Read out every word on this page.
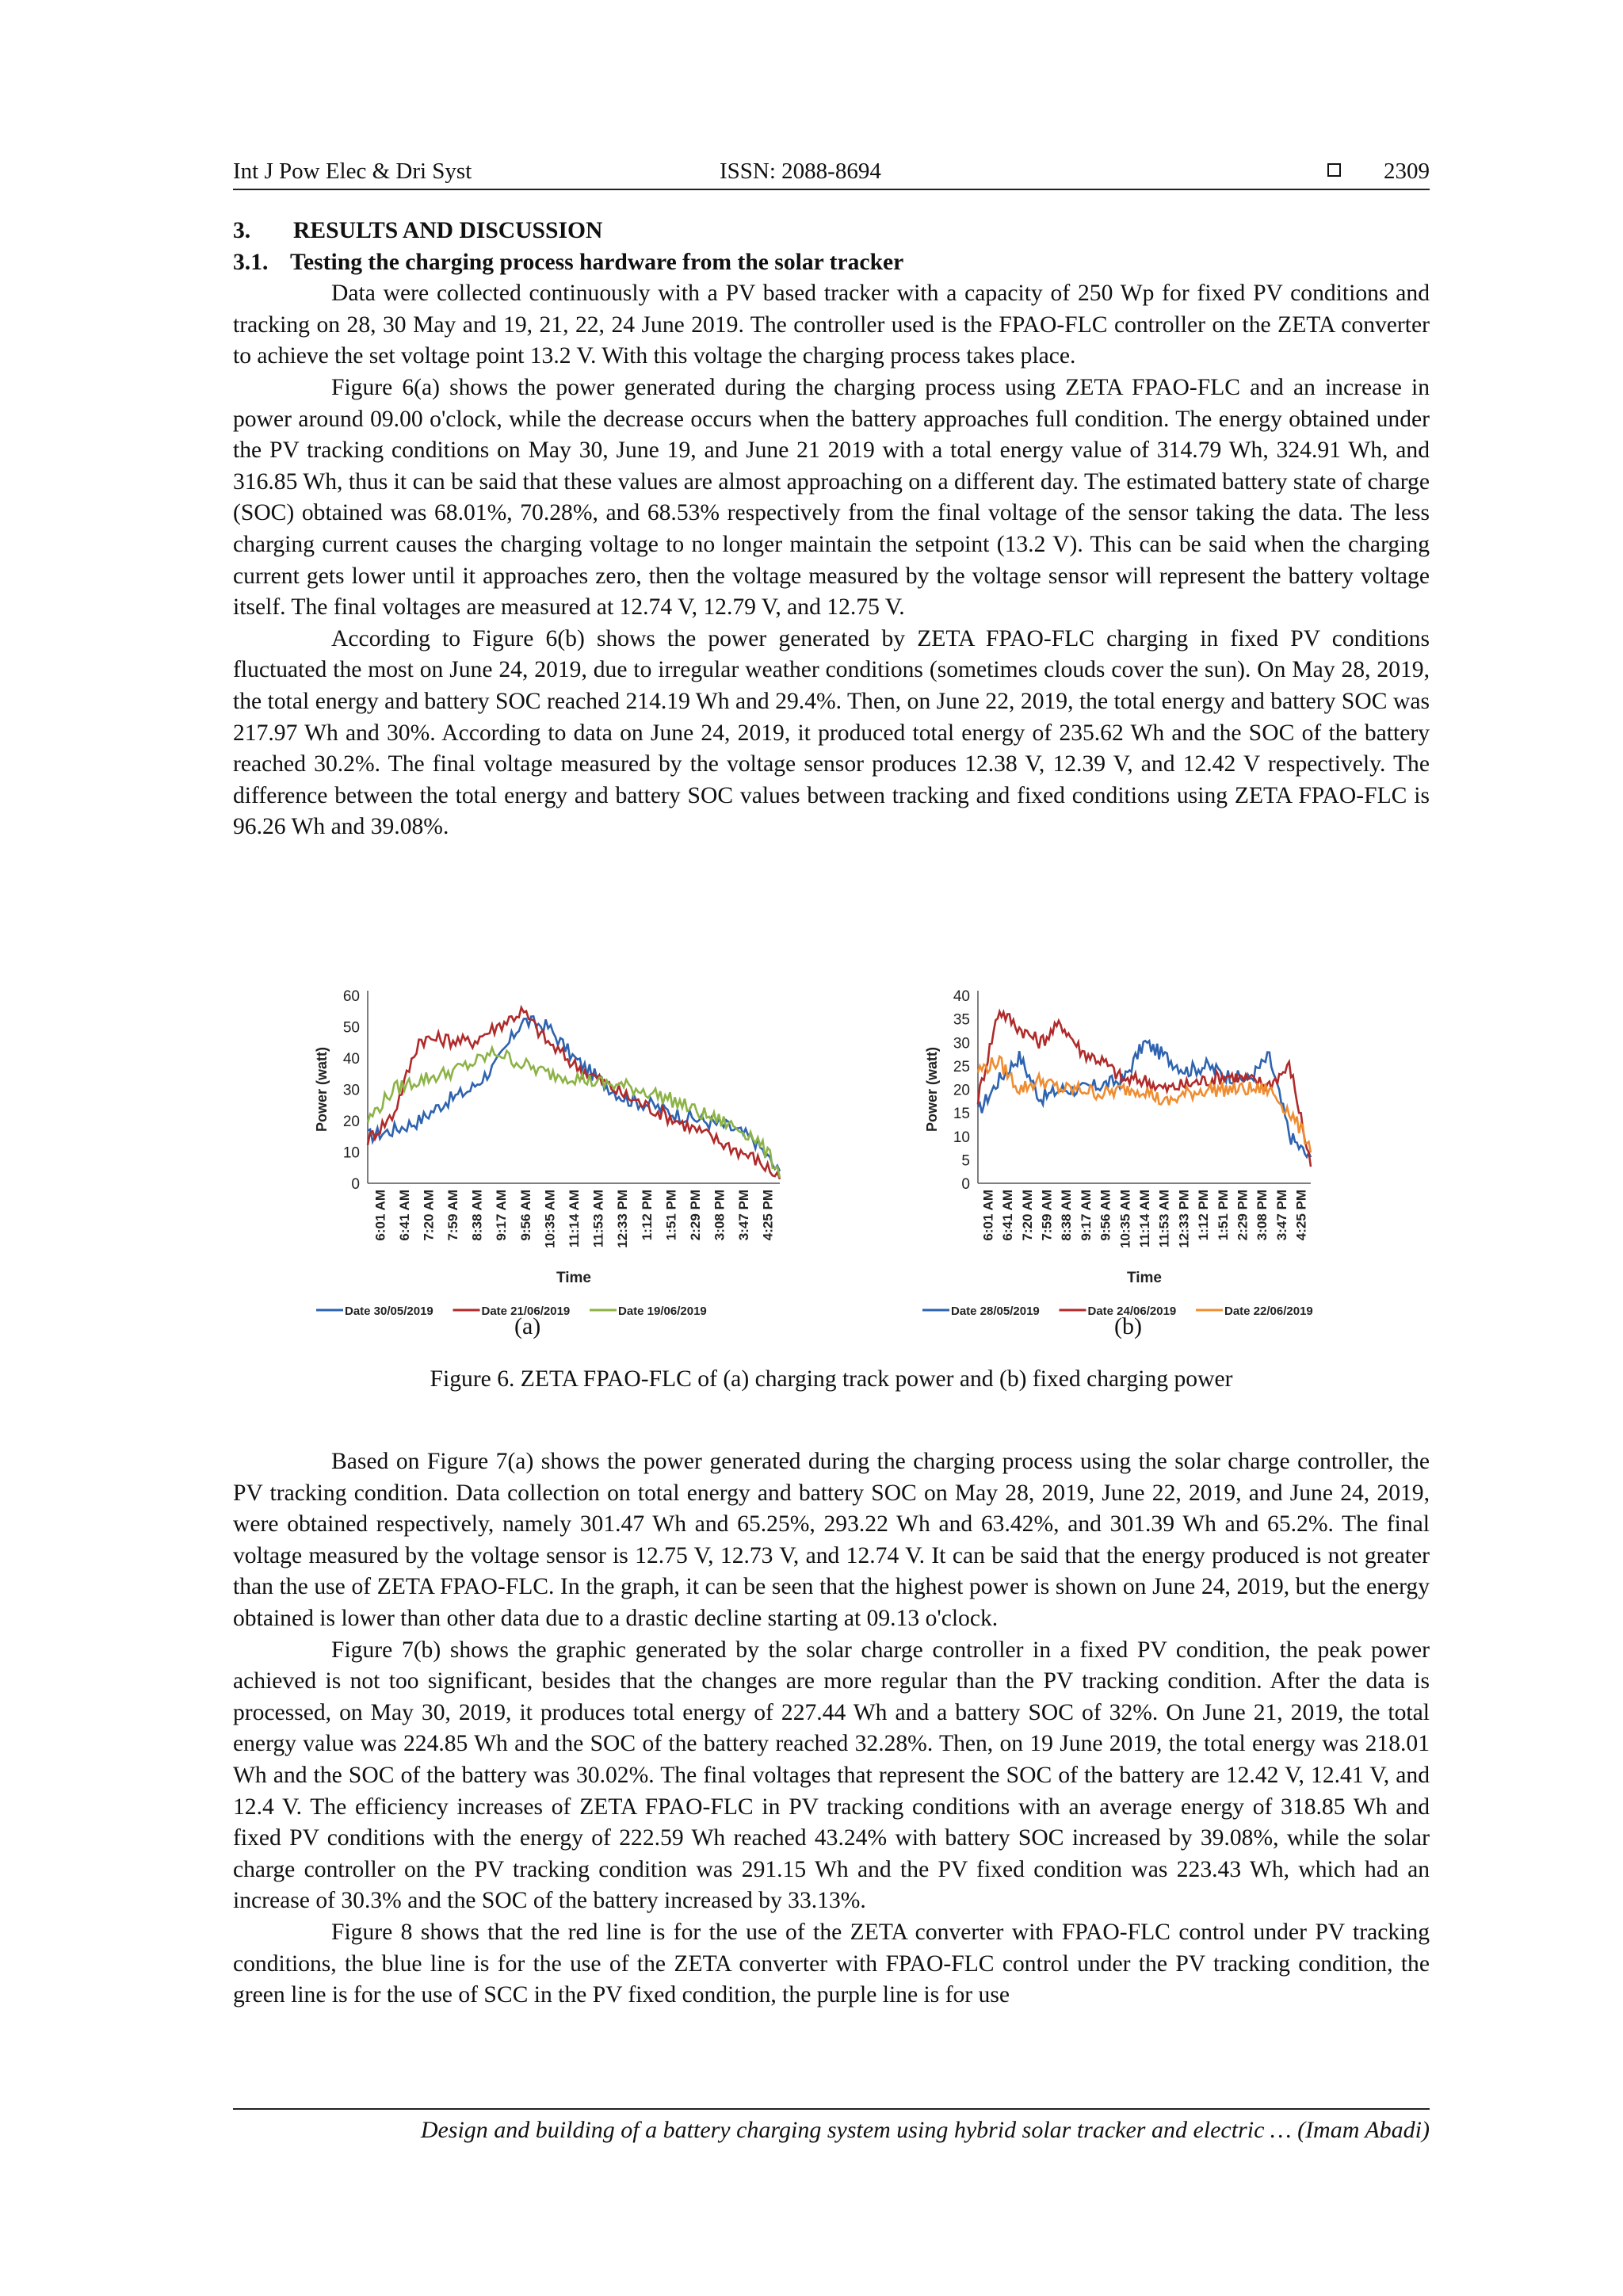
Int J Pow Elec & Dri Syst	ISSN: 2088-8694	2309
3. RESULTS AND DISCUSSION
3.1. Testing the charging process hardware from the solar tracker

Data were collected continuously with a PV based tracker with a capacity of 250 Wp for fixed PV conditions and tracking on 28, 30 May and 19, 21, 22, 24 June 2019. The controller used is the FPAO-FLC controller on the ZETA converter to achieve the set voltage point 13.2 V. With this voltage the charging process takes place.

Figure 6(a) shows the power generated during the charging process using ZETA FPAO-FLC and an increase in power around 09.00 o'clock, while the decrease occurs when the battery approaches full condition. The energy obtained under the PV tracking conditions on May 30, June 19, and June 21 2019 with a total energy value of 314.79 Wh, 324.91 Wh, and 316.85 Wh, thus it can be said that these values are almost approaching on a different day. The estimated battery state of charge (SOC) obtained was 68.01%, 70.28%, and 68.53% respectively from the final voltage of the sensor taking the data. The less charging current causes the charging voltage to no longer maintain the setpoint (13.2 V). This can be said when the charging current gets lower until it approaches zero, then the voltage measured by the voltage sensor will represent the battery voltage itself. The final voltages are measured at 12.74 V, 12.79 V, and 12.75 V.

According to Figure 6(b) shows the power generated by ZETA FPAO-FLC charging in fixed PV conditions fluctuated the most on June 24, 2019, due to irregular weather conditions (sometimes clouds cover the sun). On May 28, 2019, the total energy and battery SOC reached 214.19 Wh and 29.4%. Then, on June 22, 2019, the total energy and battery SOC was 217.97 Wh and 30%. According to data on June 24, 2019, it produced total energy of 235.62 Wh and the SOC of the battery reached 30.2%. The final voltage measured by the voltage sensor produces 12.38 V, 12.39 V, and 12.42 V respectively. The difference between the total energy and battery SOC values between tracking and fixed conditions using ZETA FPAO-FLC is 96.26 Wh and 39.08%.

0
10
20
30
40
50
60
6:01 AM 6:41 AM 7:20 AM 7:59 AM 8:38 AM 9:17 AM 9:56 AM 10:35 AM 11:14 AM 11:53 AM 12:33 PM 1:12 PM 1:51 PM 2:29 PM 3:08 PM 3:47 PM 4:25 PM
Power (watt)
Time
Date 30/05/2019	Date 21/06/2019	Date 19/06/2019
0
5
10
15
20
25
30
35
40
6:01 AM 6:41 AM 7:20 AM 7:59 AM 8:38 AM 9:17 AM 9:56 AM 10:35 AM 11:14 AM 11:53 AM 12:33 PM 1:12 PM 1:51 PM 2:29 PM 3:08 PM 3:47 PM 4:25 PM
Power (watt)
Time
Date 28/05/2019	Date 24/06/2019	Date 22/06/2019
(a)	(b)
Figure 6. ZETA FPAO-FLC of (a) charging track power and (b) fixed charging power

Based on Figure 7(a) shows the power generated during the charging process using the solar charge controller, the PV tracking condition. Data collection on total energy and battery SOC on May 28, 2019, June 22, 2019, and June 24, 2019, were obtained respectively, namely 301.47 Wh and 65.25%, 293.22 Wh and 63.42%, and 301.39 Wh and 65.2%. The final voltage measured by the voltage sensor is 12.75 V, 12.73 V, and 12.74 V. It can be said that the energy produced is not greater than the use of ZETA FPAO-FLC. In the graph, it can be seen that the highest power is shown on June 24, 2019, but the energy obtained is lower than other data due to a drastic decline starting at 09.13 o'clock.

Figure 7(b) shows the graphic generated by the solar charge controller in a fixed PV condition, the peak power achieved is not too significant, besides that the changes are more regular than the PV tracking condition. After the data is processed, on May 30, 2019, it produces total energy of 227.44 Wh and a battery SOC of 32%. On June 21, 2019, the total energy value was 224.85 Wh and the SOC of the battery reached 32.28%. Then, on 19 June 2019, the total energy was 218.01 Wh and the SOC of the battery was 30.02%. The final voltages that represent the SOC of the battery are 12.42 V, 12.41 V, and 12.4 V. The efficiency increases of ZETA FPAO-FLC in PV tracking conditions with an average energy of 318.85 Wh and fixed PV conditions with the energy of 222.59 Wh reached 43.24% with battery SOC increased by 39.08%, while the solar charge controller on the PV tracking condition was 291.15 Wh and the PV fixed condition was 223.43 Wh, which had an increase of 30.3% and the SOC of the battery increased by 33.13%.

Figure 8 shows that the red line is for the use of the ZETA converter with FPAO-FLC control under PV tracking conditions, the blue line is for the use of the ZETA converter with FPAO-FLC control under the PV tracking condition, the green line is for the use of SCC in the PV fixed condition, the purple line is for use

Design and building of a battery charging system using hybrid solar tracker and electric … (Imam Abadi)
